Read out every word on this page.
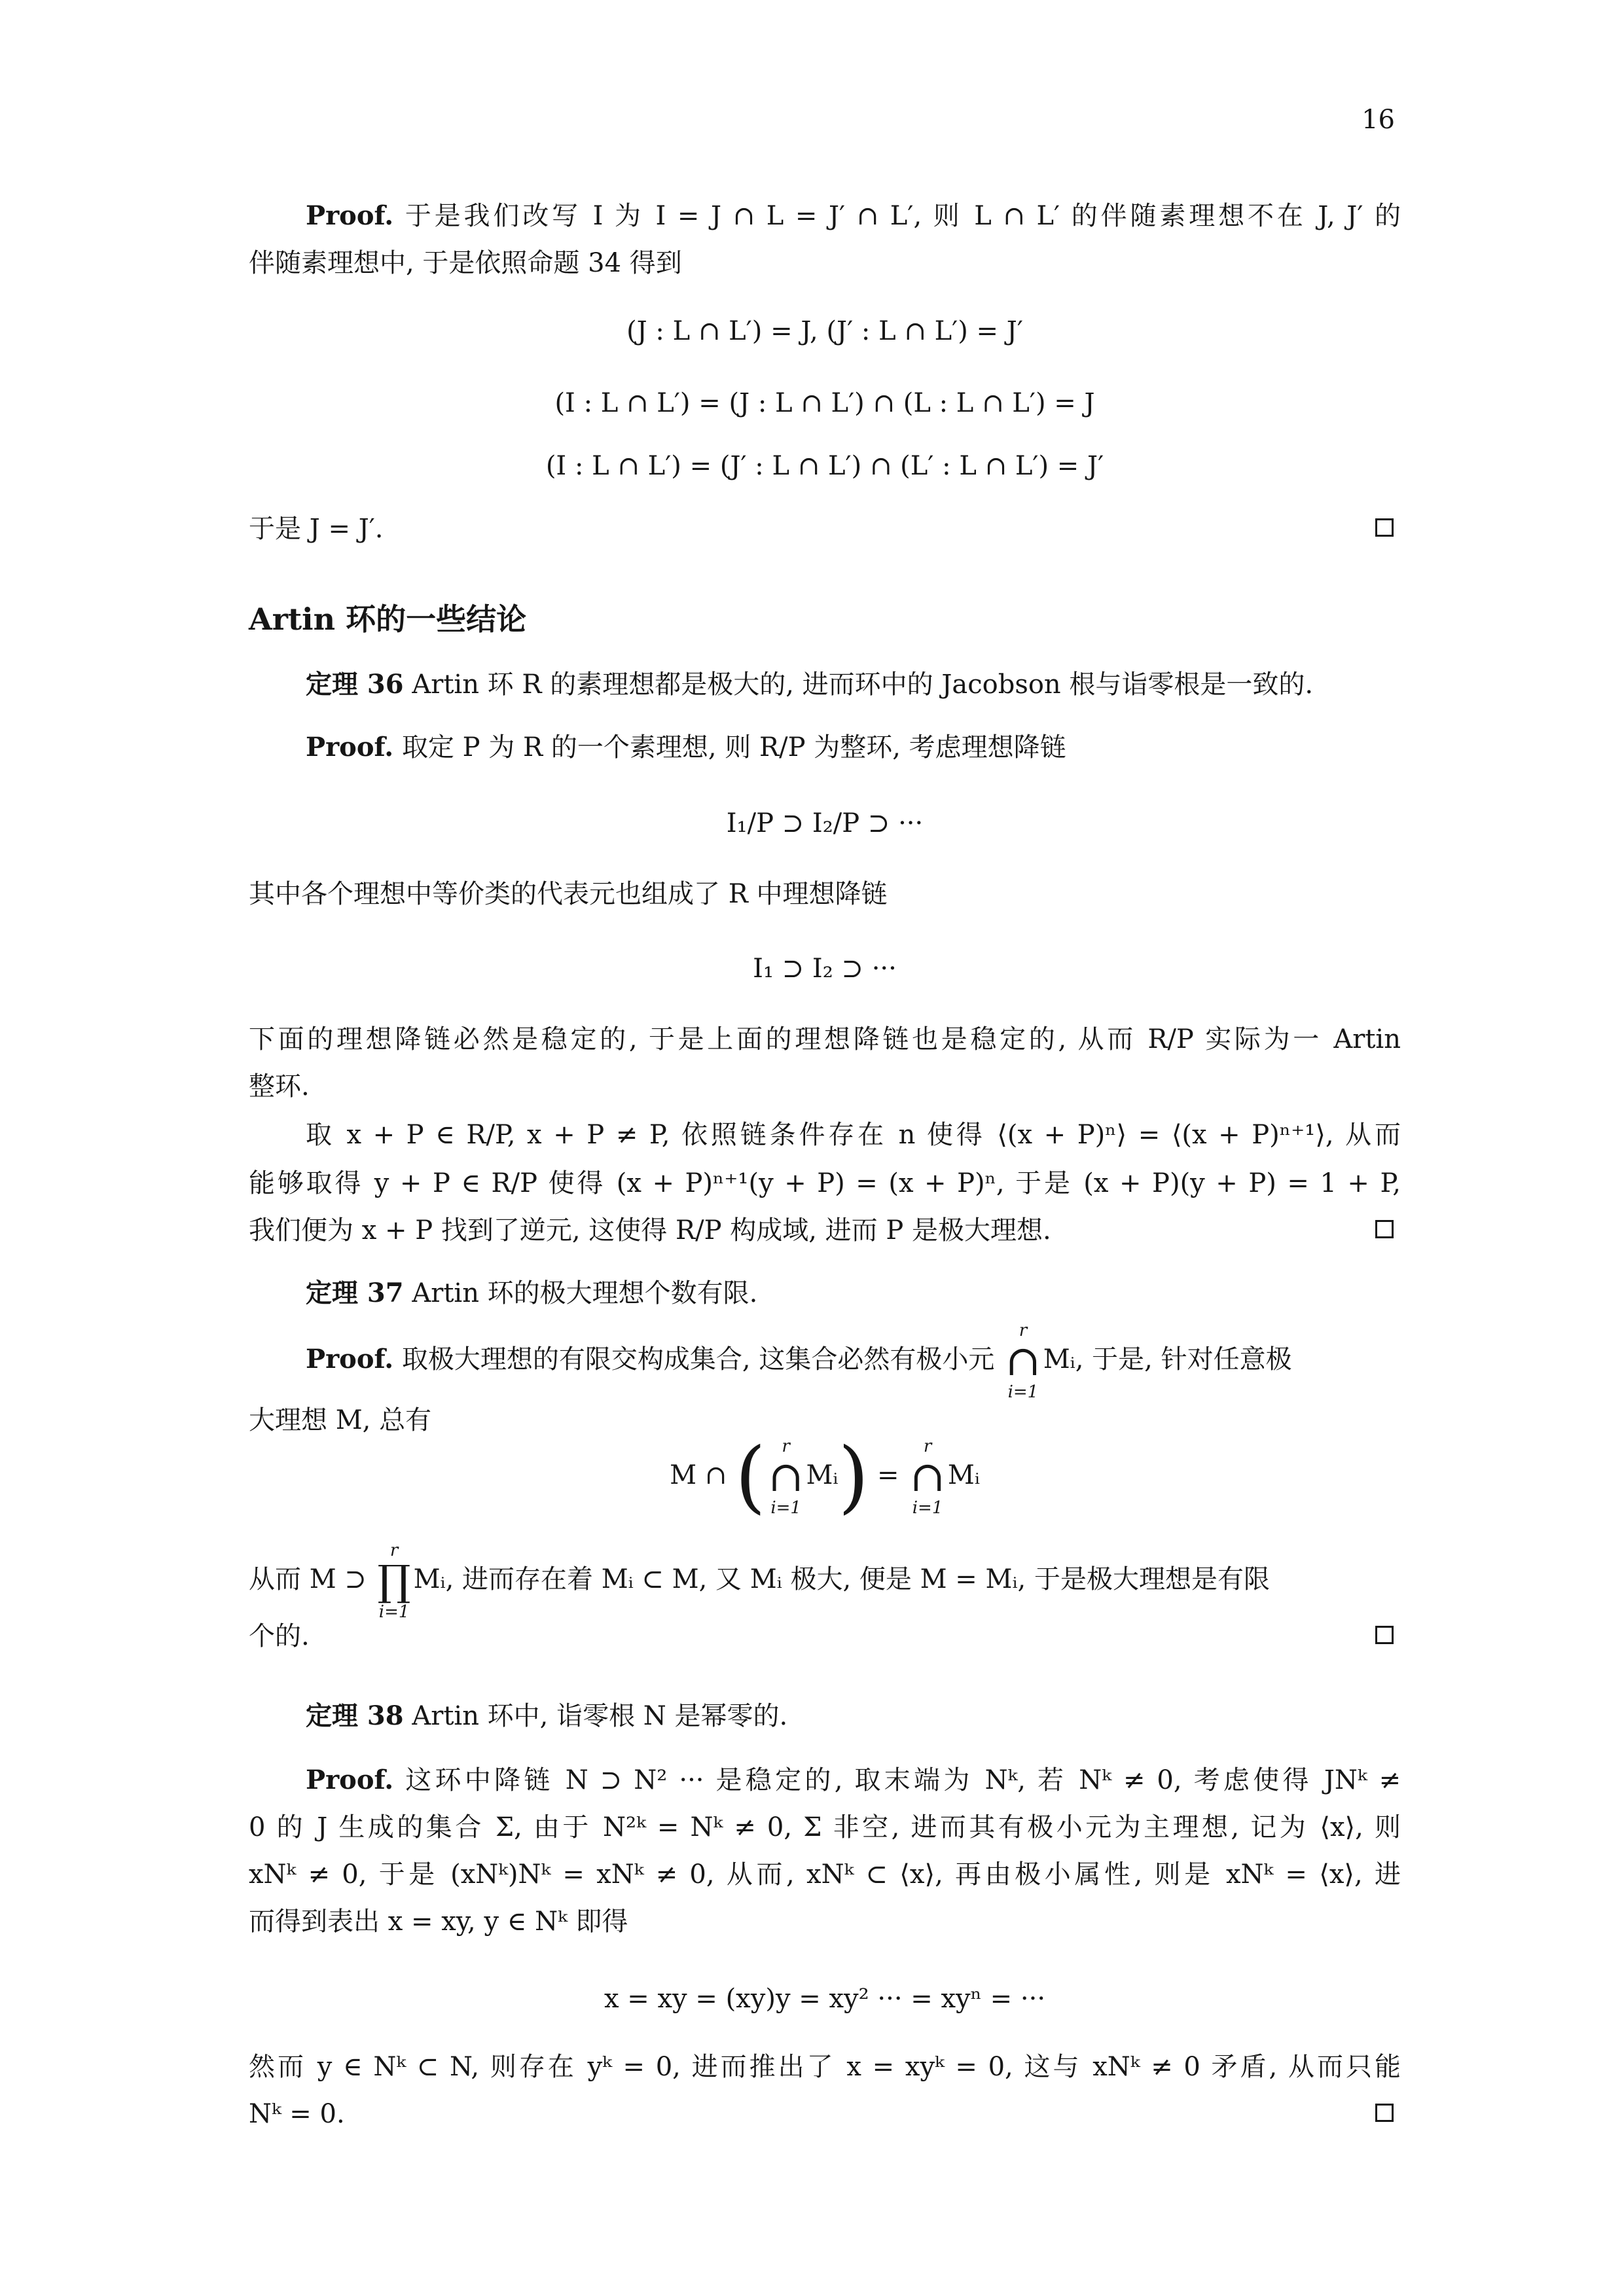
16
Proof. 于是我们改写 I 为 I = J ∩ L = J′ ∩ L′, 则 L ∩ L′ 的伴随素理想不在 J, J′ 的
伴随素理想中, 于是依照命题 34 得到
(J : L ∩ L′) = J, (J′ : L ∩ L′) = J′
(I : L ∩ L′) = (J : L ∩ L′) ∩ (L : L ∩ L′) = J
(I : L ∩ L′) = (J′ : L ∩ L′) ∩ (L′ : L ∩ L′) = J′
于是 J = J′.
Artin 环的一些结论
定理 36 Artin 环 R 的素理想都是极大的, 进而环中的 Jacobson 根与诣零根是一致的.
Proof. 取定 P 为 R 的一个素理想, 则 R/P 为整环, 考虑理想降链
I₁/P ⊃ I₂/P ⊃ ···
其中各个理想中等价类的代表元也组成了 R 中理想降链
I₁ ⊃ I₂ ⊃ ···
下面的理想降链必然是稳定的, 于是上面的理想降链也是稳定的, 从而 R/P 实际为一 Artin
整环.
取 x + P ∈ R/P, x + P ≠ P, 依照链条件存在 n 使得 ⟨(x + P)ⁿ⟩ = ⟨(x + P)ⁿ⁺¹⟩, 从而
能够取得 y + P ∈ R/P 使得 (x + P)ⁿ⁺¹(y + P) = (x + P)ⁿ, 于是 (x + P)(y + P) = 1 + P,
我们便为 x + P 找到了逆元, 这使得 R/P 构成域, 进而 P 是极大理想.
定理 37 Artin 环的极大理想个数有限.
Proof. 取极大理想的有限交构成集合, 这集合必然有极小元
r
∩
i=1
Mᵢ, 于是, 针对任意极
大理想 M, 总有
M ∩ ( r
∩
i=1
Mᵢ) =
r
∩
i=1
Mᵢ
从而 M ⊃
r
∏
i=1
Mᵢ, 进而存在着 Mᵢ ⊂ M, 又 Mᵢ 极大, 便是 M = Mᵢ, 于是极大理想是有限
个的.
定理 38 Artin 环中, 诣零根 N 是幂零的.
Proof. 这环中降链 N ⊃ N² ··· 是稳定的, 取末端为 Nᵏ, 若 Nᵏ ≠ 0, 考虑使得 JNᵏ ≠
0 的 J 生成的集合 Σ, 由于 N²ᵏ = Nᵏ ≠ 0, Σ 非空, 进而其有极小元为主理想, 记为 ⟨x⟩, 则
xNᵏ ≠ 0, 于是 (xNᵏ)Nᵏ = xNᵏ ≠ 0, 从而, xNᵏ ⊂ ⟨x⟩, 再由极小属性, 则是 xNᵏ = ⟨x⟩, 进
而得到表出 x = xy, y ∈ Nᵏ 即得
x = xy = (xy)y = xy² ··· = xyⁿ = ···
然而 y ∈ Nᵏ ⊂ N, 则存在 yᵏ = 0, 进而推出了 x = xyᵏ = 0, 这与 xNᵏ ≠ 0 矛盾, 从而只能
Nᵏ = 0.
